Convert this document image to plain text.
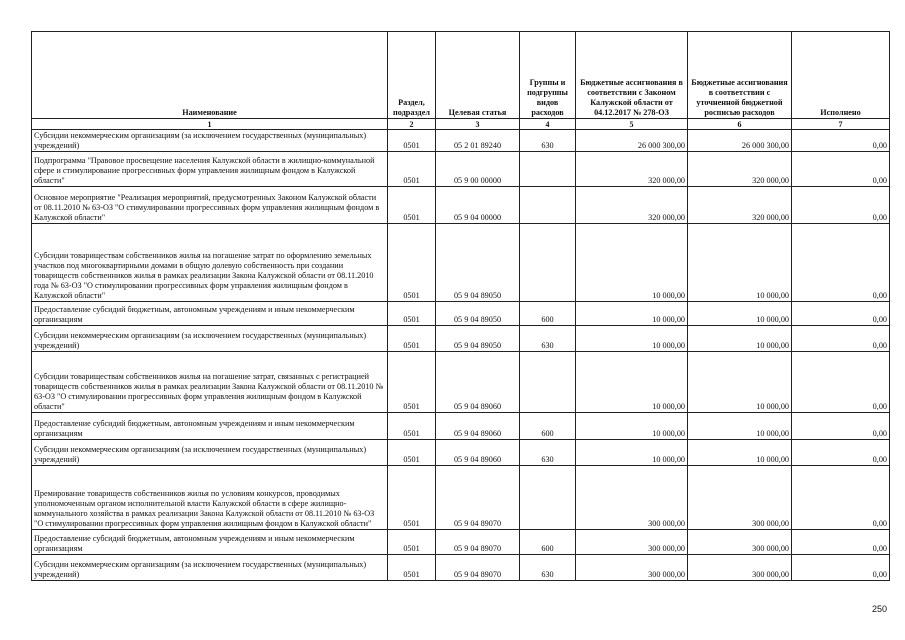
Наименование	Раздел, подраздел	Целевая статья	Группы и подгруппы видов расходов	Бюджетные ассигнования в соответствии с Законом Калужской области от 04.12.2017 № 278-ОЗ	Бюджетные ассигнования в соответствии с уточненной бюджетной росписью расходов	Исполнено
1	2	3	4	5	6	7
Субсидии некоммерческим организациям (за исключением государственных (муниципальных) учреждений)	0501	05 2 01 89240	630	26 000 300,00	26 000 300,00	0,00
Подпрограмма "Правовое просвещение населения Калужской области в жилищно-коммунальной сфере и стимулирование прогрессивных форм управления жилищным фондом в Калужской области"	0501	05 9 00 00000		320 000,00	320 000,00	0,00
Основное мероприятие "Реализация мероприятий, предусмотренных Законом Калужской области от 08.11.2010 № 63-ОЗ "О стимулировании прогрессивных форм управления жилищным фондом в Калужской области"	0501	05 9 04 00000		320 000,00	320 000,00	0,00
Субсидии товариществам собственников жилья на погашение затрат по оформлению земельных участков под многоквартирными домами в общую долевую собственность при создании товариществ собственников жилья в рамках реализации Закона Калужской области от 08.11.2010 года № 63-ОЗ "О стимулировании прогрессивных форм управления жилищным фондом в Калужской области"	0501	05 9 04 89050		10 000,00	10 000,00	0,00
Предоставление субсидий бюджетным, автономным учреждениям и иным некоммерческим организациям	0501	05 9 04 89050	600	10 000,00	10 000,00	0,00
Субсидии некоммерческим организациям (за исключением государственных (муниципальных) учреждений)	0501	05 9 04 89050	630	10 000,00	10 000,00	0,00
Субсидии товариществам собственников жилья на погашение затрат, связанных с регистрацией товариществ собственников жилья в рамках реализации Закона Калужской области от 08.11.2010 № 63-ОЗ "О стимулировании прогрессивных форм управления жилищным фондом в Калужской области"	0501	05 9 04 89060		10 000,00	10 000,00	0,00
Предоставление субсидий бюджетным, автономным учреждениям и иным некоммерческим организациям	0501	05 9 04 89060	600	10 000,00	10 000,00	0,00
Субсидии некоммерческим организациям (за исключением государственных (муниципальных) учреждений)	0501	05 9 04 89060	630	10 000,00	10 000,00	0,00
Премирование товариществ собственников жилья по условиям конкурсов, проводимых уполномоченным органом исполнительной власти Калужской области в сфере жилищно-коммунального хозяйства в рамках реализации Закона Калужской области от 08.11.2010 № 63-ОЗ "О стимулировании прогрессивных форм управления жилищным фондом в Калужской области"	0501	05 9 04 89070		300 000,00	300 000,00	0,00
Предоставление субсидий бюджетным, автономным учреждениям и иным некоммерческим организациям	0501	05 9 04 89070	600	300 000,00	300 000,00	0,00
Субсидии некоммерческим организациям (за исключением государственных (муниципальных) учреждений)	0501	05 9 04 89070	630	300 000,00	300 000,00	0,00
250
